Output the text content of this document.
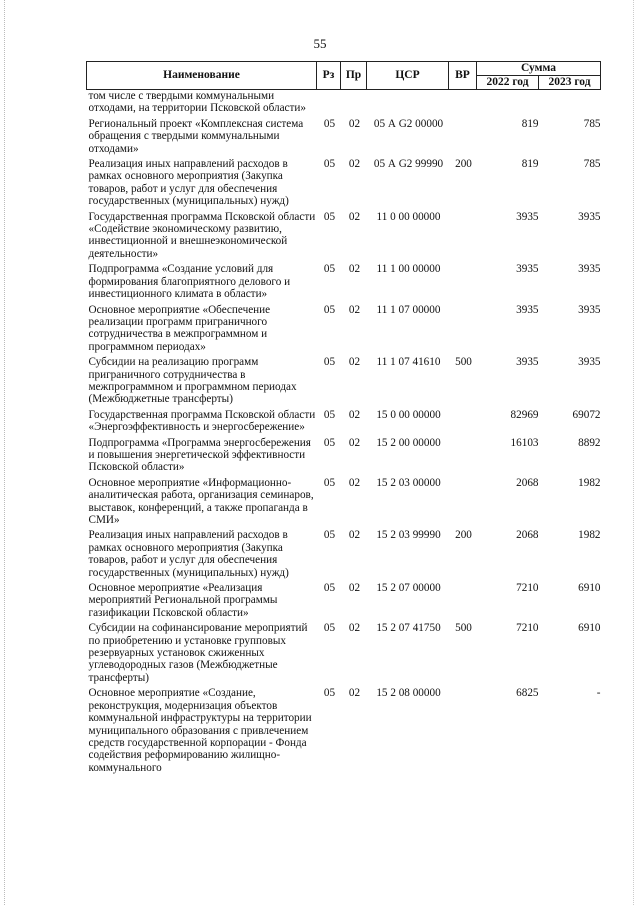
55
Наименование	Рз	Пр	ЦСР	ВР	Сумма	
					2022 год	2023 год
том числе с твердыми коммунальными отходами, на территории Псковской области»						
Региональный проект «Комплексная система обращения с твердыми коммунальными отходами»	05	02	05 А G2 00000		819	785
Реализация иных направлений расходов в рамках основного мероприятия (Закупка товаров, работ и услуг для обеспечения государственных (муниципальных) нужд)	05	02	05 А G2 99990	200	819	785
Государственная программа Псковской области «Содействие экономическому развитию, инвестиционной и внешнеэкономической деятельности»	05	02	11 0 00 00000		3935	3935
Подпрограмма «Создание условий для формирования благоприятного делового и инвестиционного климата в области»	05	02	11 1 00 00000		3935	3935
Основное мероприятие «Обеспечение реализации программ приграничного сотрудничества в межпрограммном и программном периодах»	05	02	11 1 07 00000		3935	3935
Субсидии на реализацию программ приграничного сотрудничества в межпрограммном и программном периодах (Межбюджетные трансферты)	05	02	11 1 07 41610	500	3935	3935
Государственная программа Псковской области «Энергоэффективность и энергосбережение»	05	02	15 0 00 00000		82969	69072
Подпрограмма «Программа энергосбережения и повышения энергетической эффективности Псковской области»	05	02	15 2 00 00000		16103	8892
Основное мероприятие «Информационно-аналитическая работа, организация семинаров, выставок, конференций, а также пропаганда в СМИ»	05	02	15 2 03 00000		2068	1982
Реализация иных направлений расходов в рамках основного мероприятия (Закупка товаров, работ и услуг для обеспечения государственных (муниципальных) нужд)	05	02	15 2 03 99990	200	2068	1982
Основное мероприятие «Реализация мероприятий Региональной программы газификации Псковской области»	05	02	15 2 07 00000		7210	6910
Субсидии на софинансирование мероприятий по приобретению и установке групповых резервуарных установок сжиженных углеводородных газов (Межбюджетные трансферты)	05	02	15 2 07 41750	500	7210	6910
Основное мероприятие «Создание, реконструкция, модернизация объектов коммунальной инфраструктуры на территории муниципального образования с привлечением средств государственной корпорации - Фонда содействия реформированию жилищно-коммунального	05	02	15 2 08 00000		6825	-
